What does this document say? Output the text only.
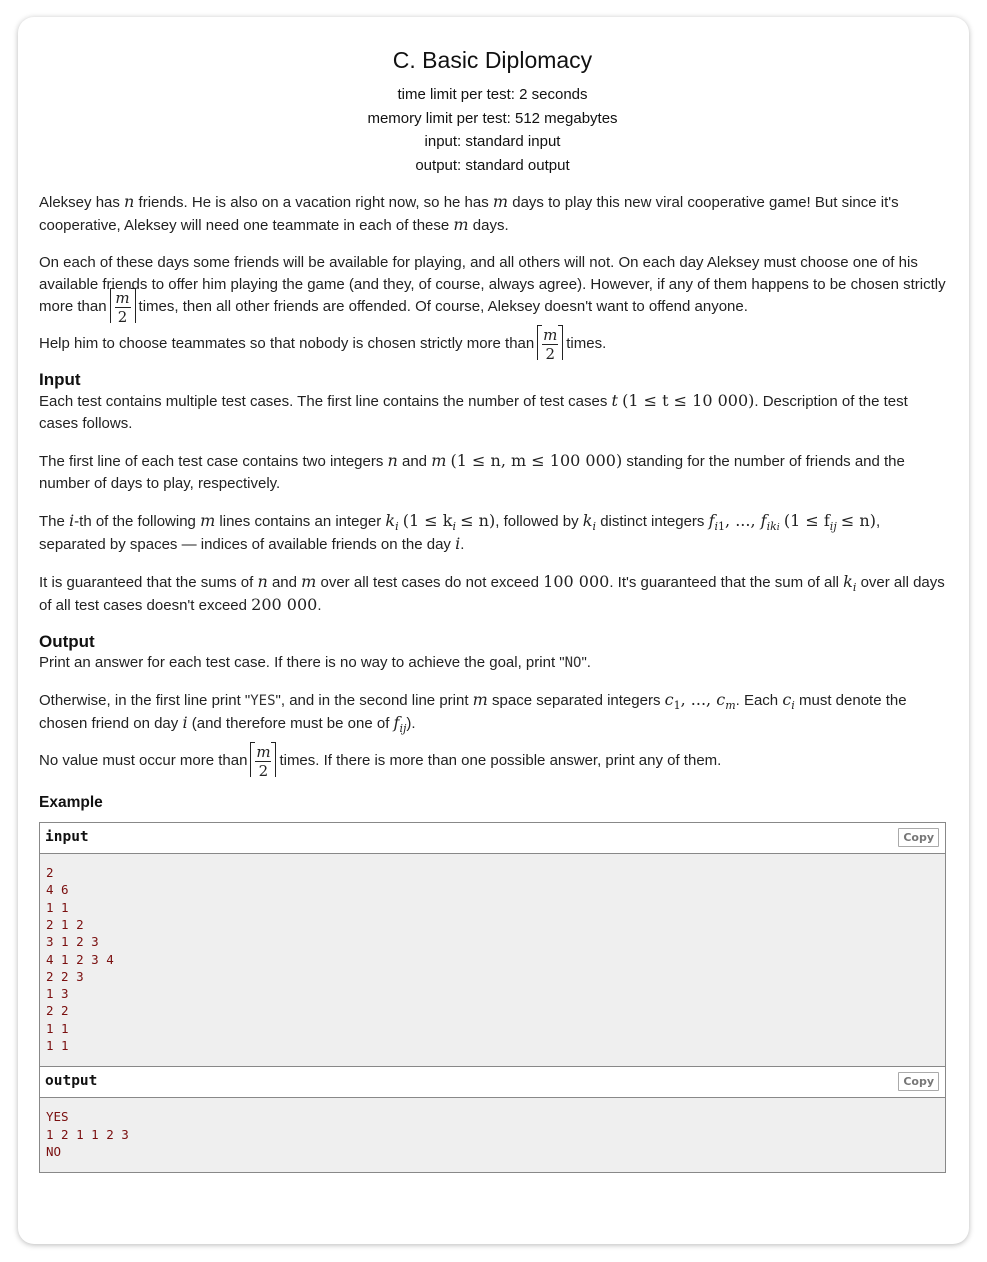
C. Basic Diplomacy
time limit per test: 2 seconds
memory limit per test: 512 megabytes
input: standard input
output: standard output

Aleksey has n friends. He is also on a vacation right now, so he has m days to play this new viral cooperative game! But since it's cooperative, Aleksey will need one teammate in each of these m days.

On each of these days some friends will be available for playing, and all others will not. On each day Aleksey must choose one of his available friends to offer him playing the game (and they, of course, always agree). However, if any of them happens to be chosen strictly more than $\frac{m}{2}$ times, then all other friends are offended. Of course, Aleksey doesn't want to offend anyone.

Help him to choose teammates so that nobody is chosen strictly more than $\frac{m}{2}$ times.

Input

Each test contains multiple test cases. The first line contains the number of test cases t (1 ≤ t ≤ 10 000). Description of the test cases follows.

The first line of each test case contains two integers n and m (1 ≤ n, m ≤ 100 000) standing for the number of friends and the number of days to play, respectively.

The i-th of the following m lines contains an integer $k_i$ $(1 \le k_i \le n)$, followed by $k_i$ distinct integers $f_{i1}$, ..., $f_{iki}$ $(1 \le f_{ij} \le n)$, separated by spaces — indices of available friends on the day i.

It is guaranteed that the sums of n and m over all test cases do not exceed 100 000. It's guaranteed that the sum of all $k_i$ over all days of all test cases doesn't exceed 200 000.

Output

Print an answer for each test case. If there is no way to achieve the goal, print "NO".

Otherwise, in the first line print "YES", and in the second line print m space separated integers $c_1$, ..., $c_m$. Each $c_i$ must denote the chosen friend on day i (and therefore must be one of $f_{ij}$).

No value must occur more than $\frac{m}{2}$ times. If there is more than one possible answer, print any of them.

Example
input	Copy
2
4 6
1 1
2 1 2
3 1 2 3
4 1 2 3 4
2 2 3
1 3
2 2
1 1
1 1
output	Copy
YES
1 2 1 1 2 3
NO
